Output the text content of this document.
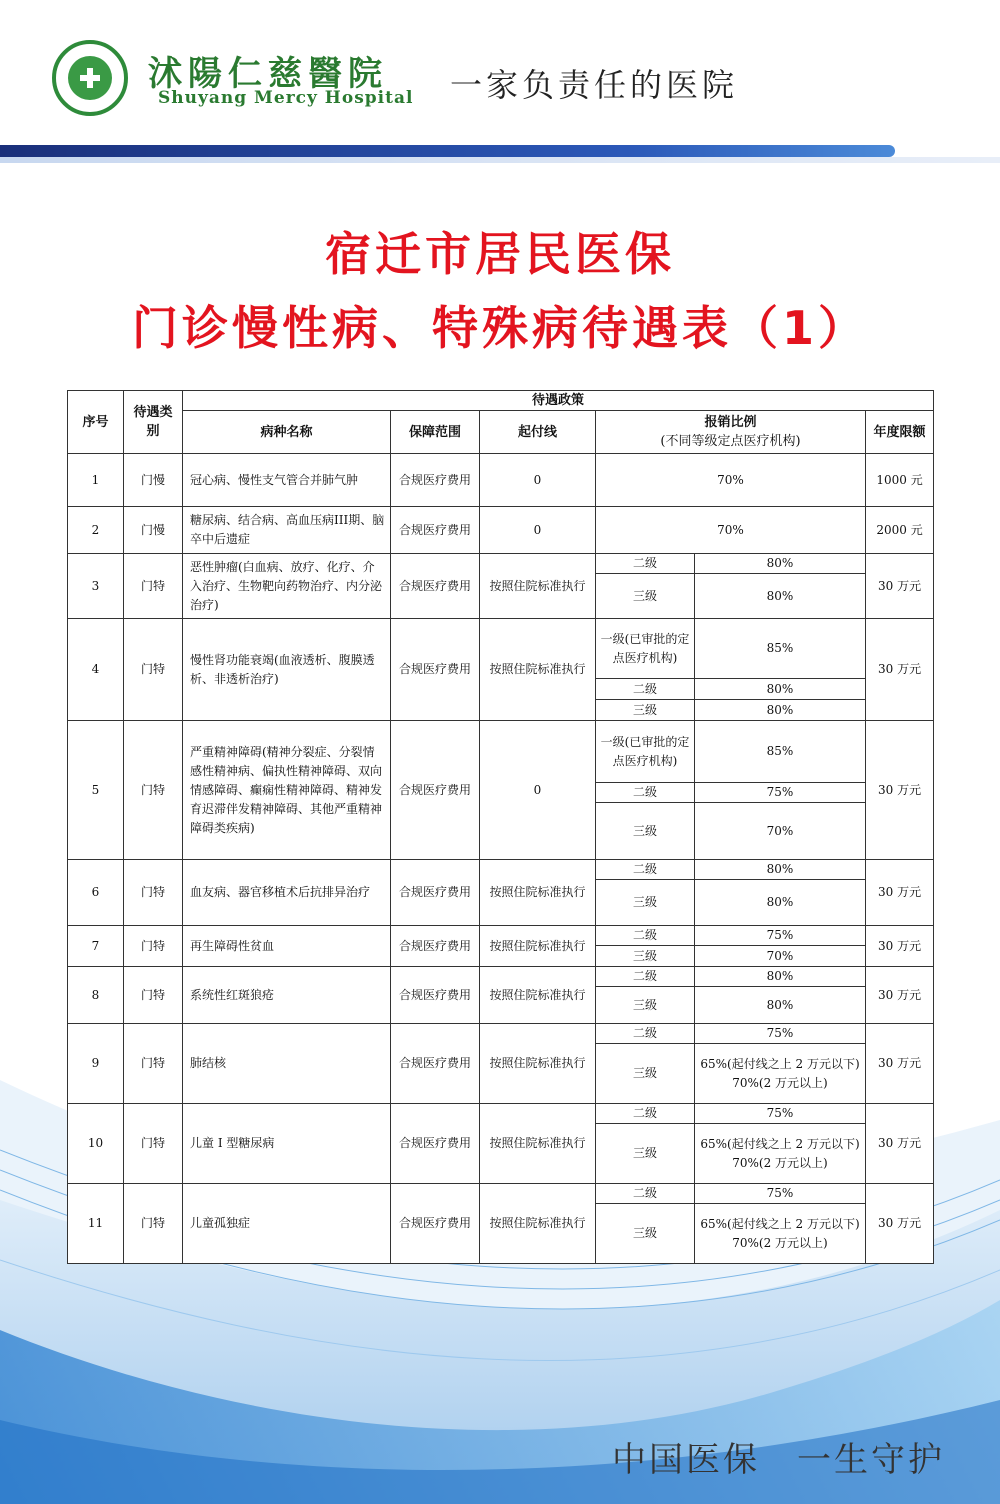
沭陽仁慈醫院
Shuyang Mercy Hospital 一家负责任的医院
宿迁市居民医保
门诊慢性病、特殊病待遇表（1）
序号	待遇类别	待遇政策					
		病种名称	保障范围	起付线	报销比例
(不同等级定点医疗机构)		年度限额
1	门慢	冠心病、慢性支气管合并肺气肿	合规医疗费用	0	70%		1000 元
2	门慢	糖尿病、结合病、高血压病III期、脑卒中后遗症	合规医疗费用	0	70%		2000 元
3	门特	恶性肿瘤(白血病、放疗、化疗、介入治疗、生物靶向药物治疗、内分泌治疗)	合规医疗费用	按照住院标准执行	二级	80%	30 万元
					三级	80%	
4	门特	慢性肾功能衰竭(血液透析、腹膜透析、非透析治疗)	合规医疗费用	按照住院标准执行	一级(已审批的定点医疗机构)	85%	30 万元
					二级	80%	
					三级	80%	
5	门特	严重精神障碍(精神分裂症、分裂情感性精神病、偏执性精神障碍、双向情感障碍、癫痫性精神障碍、精神发育迟滞伴发精神障碍、其他严重精神障碍类疾病)	合规医疗费用	0	一级(已审批的定点医疗机构)	85%	30 万元
					二级	75%	
					三级	70%	
6	门特	血友病、器官移植术后抗排异治疗	合规医疗费用	按照住院标准执行	二级	80%	30 万元
					三级	80%	
7	门特	再生障碍性贫血	合规医疗费用	按照住院标准执行	二级	75%	30 万元
					三级	70%	
8	门特	系统性红斑狼疮	合规医疗费用	按照住院标准执行	二级	80%	30 万元
					三级	80%	
9	门特	肺结核	合规医疗费用	按照住院标准执行	二级	75%	30 万元
					三级	65%(起付线之上 2 万元以下)
70%(2 万元以上)	
10	门特	儿童 I 型糖尿病	合规医疗费用	按照住院标准执行	二级	75%	30 万元
					三级	65%(起付线之上 2 万元以下)
70%(2 万元以上)	
11	门特	儿童孤独症	合规医疗费用	按照住院标准执行	二级	75%	30 万元
					三级	65%(起付线之上 2 万元以下)
70%(2 万元以上)	
中国医保　一生守护
